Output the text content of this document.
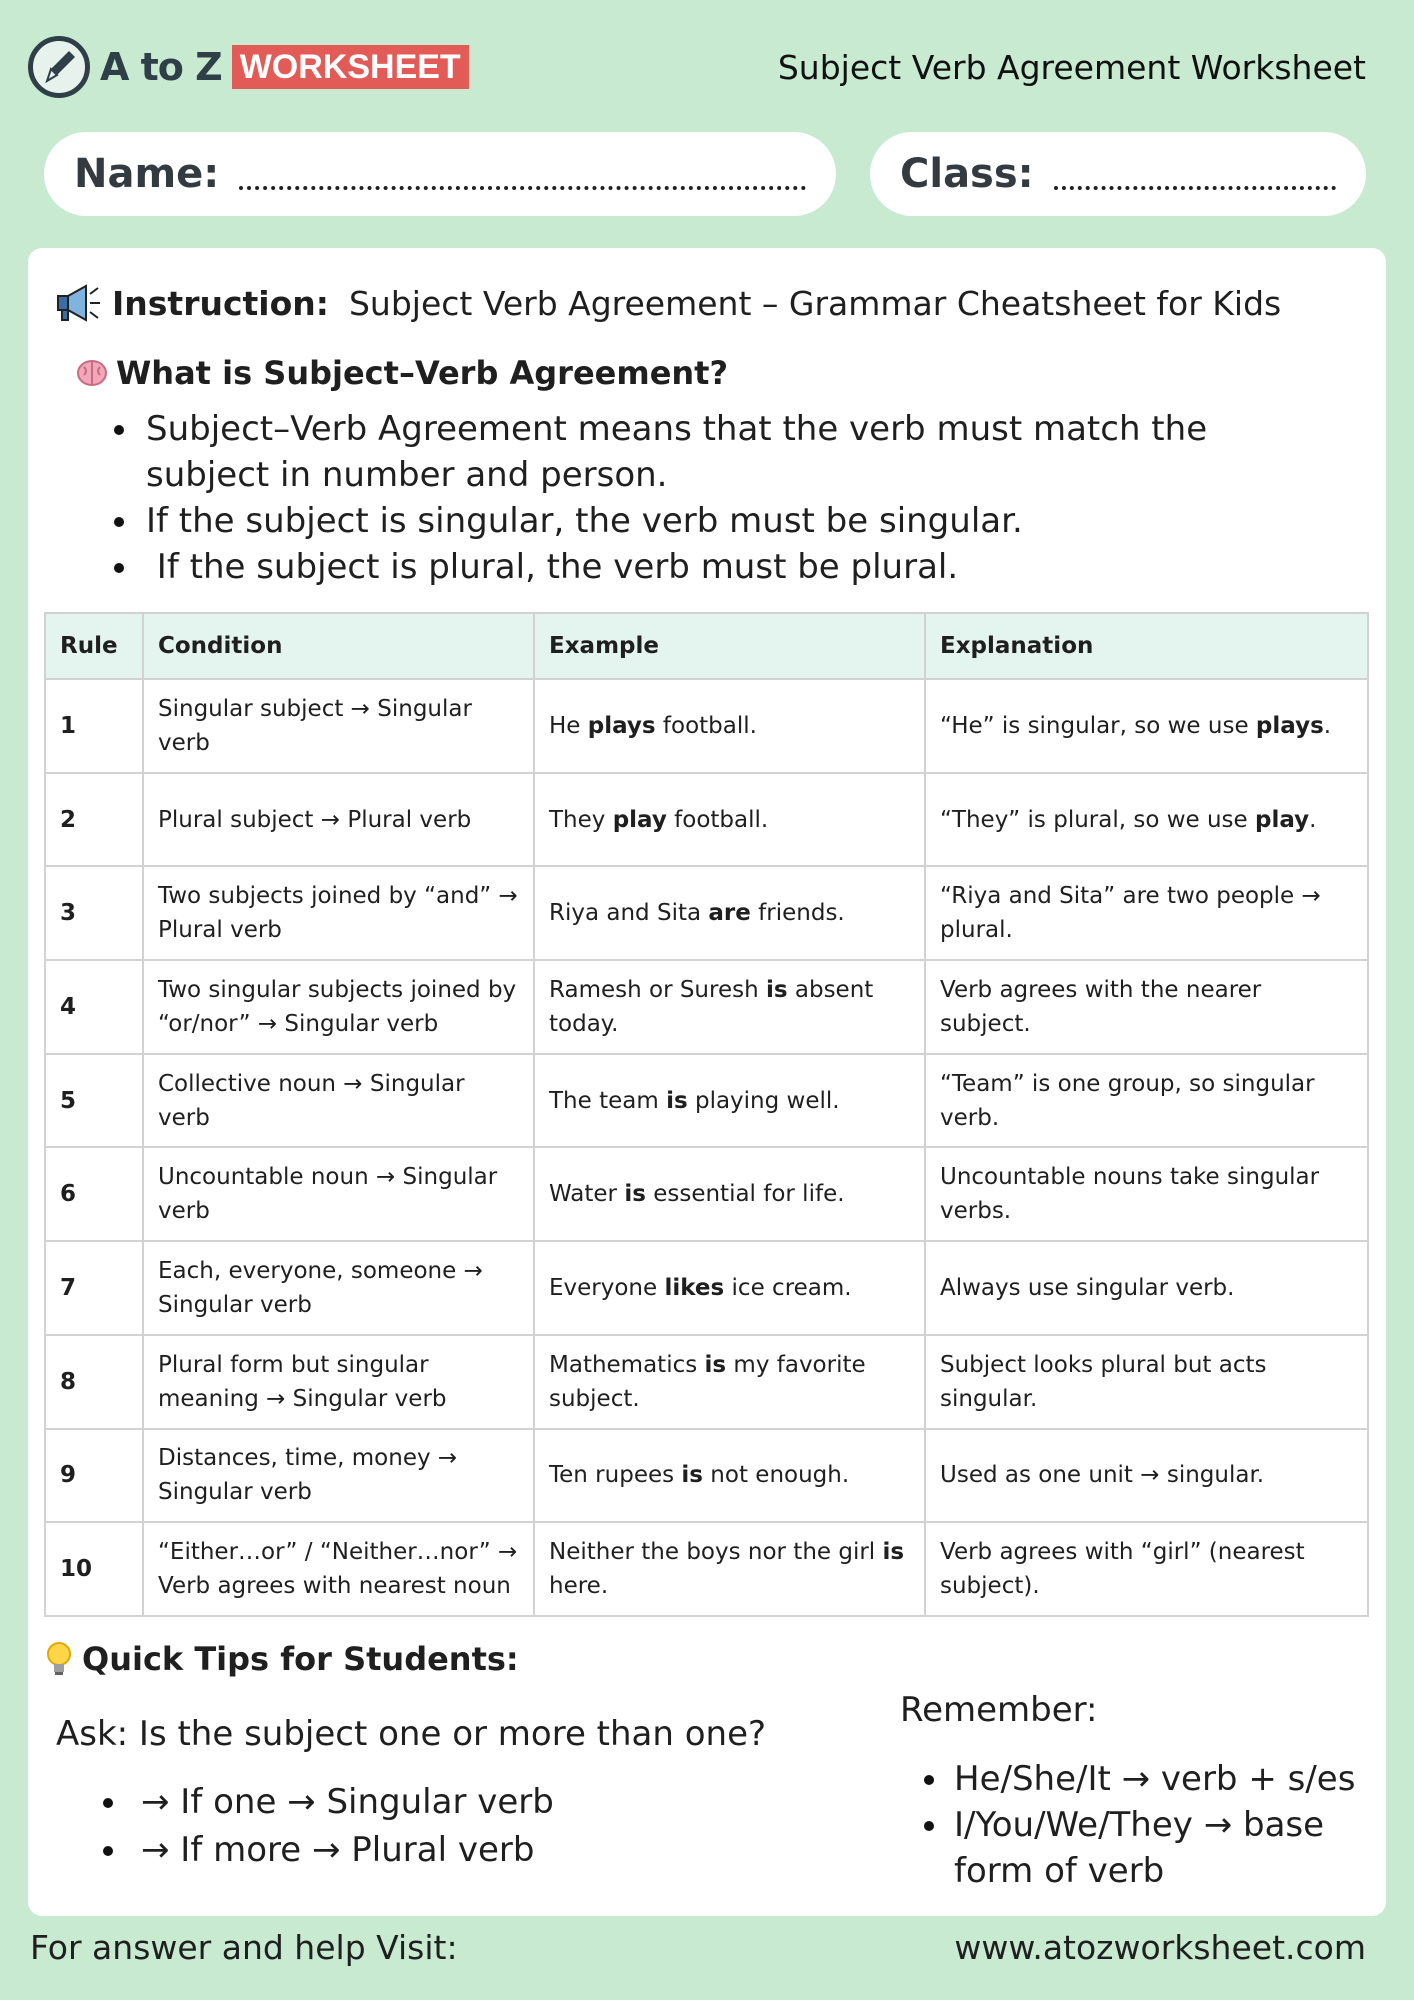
A to Z WORKSHEET	Subject Verb Agreement Worksheet
Name:	Class:
Instruction: Subject Verb Agreement – Grammar Cheatsheet for Kids
What is Subject–Verb Agreement?
Subject–Verb Agreement means that the verb must match the subject in number and person.
If the subject is singular, the verb must be singular.
If the subject is plural, the verb must be plural.
Rule	Condition	Example	Explanation
1	Singular subject → Singular verb	He plays football.	“He” is singular, so we use plays.
2	Plural subject → Plural verb	They play football.	“They” is plural, so we use play.
3	Two subjects joined by “and” → Plural verb	Riya and Sita are friends.	“Riya and Sita” are two people → plural.
4	Two singular subjects joined by “or/nor” → Singular verb	Ramesh or Suresh is absent today.	Verb agrees with the nearer subject.
5	Collective noun → Singular verb	The team is playing well.	“Team” is one group, so singular verb.
6	Uncountable noun → Singular verb	Water is essential for life.	Uncountable nouns take singular verbs.
7	Each, everyone, someone → Singular verb	Everyone likes ice cream.	Always use singular verb.
8	Plural form but singular meaning → Singular verb	Mathematics is my favorite subject.	Subject looks plural but acts singular.
9	Distances, time, money → Singular verb	Ten rupees is not enough.	Used as one unit → singular.
10	“Either…or” / “Neither…nor” → Verb agrees with nearest noun	Neither the boys nor the girl is here.	Verb agrees with “girl” (nearest subject).
Quick Tips for Students:
Ask: Is the subject one or more than one?
→ If one → Singular verb
→ If more → Plural verb
Remember:
He/She/It → verb + s/es
I/You/We/They → base form of verb
For answer and help Visit:	www.atozworksheet.com
